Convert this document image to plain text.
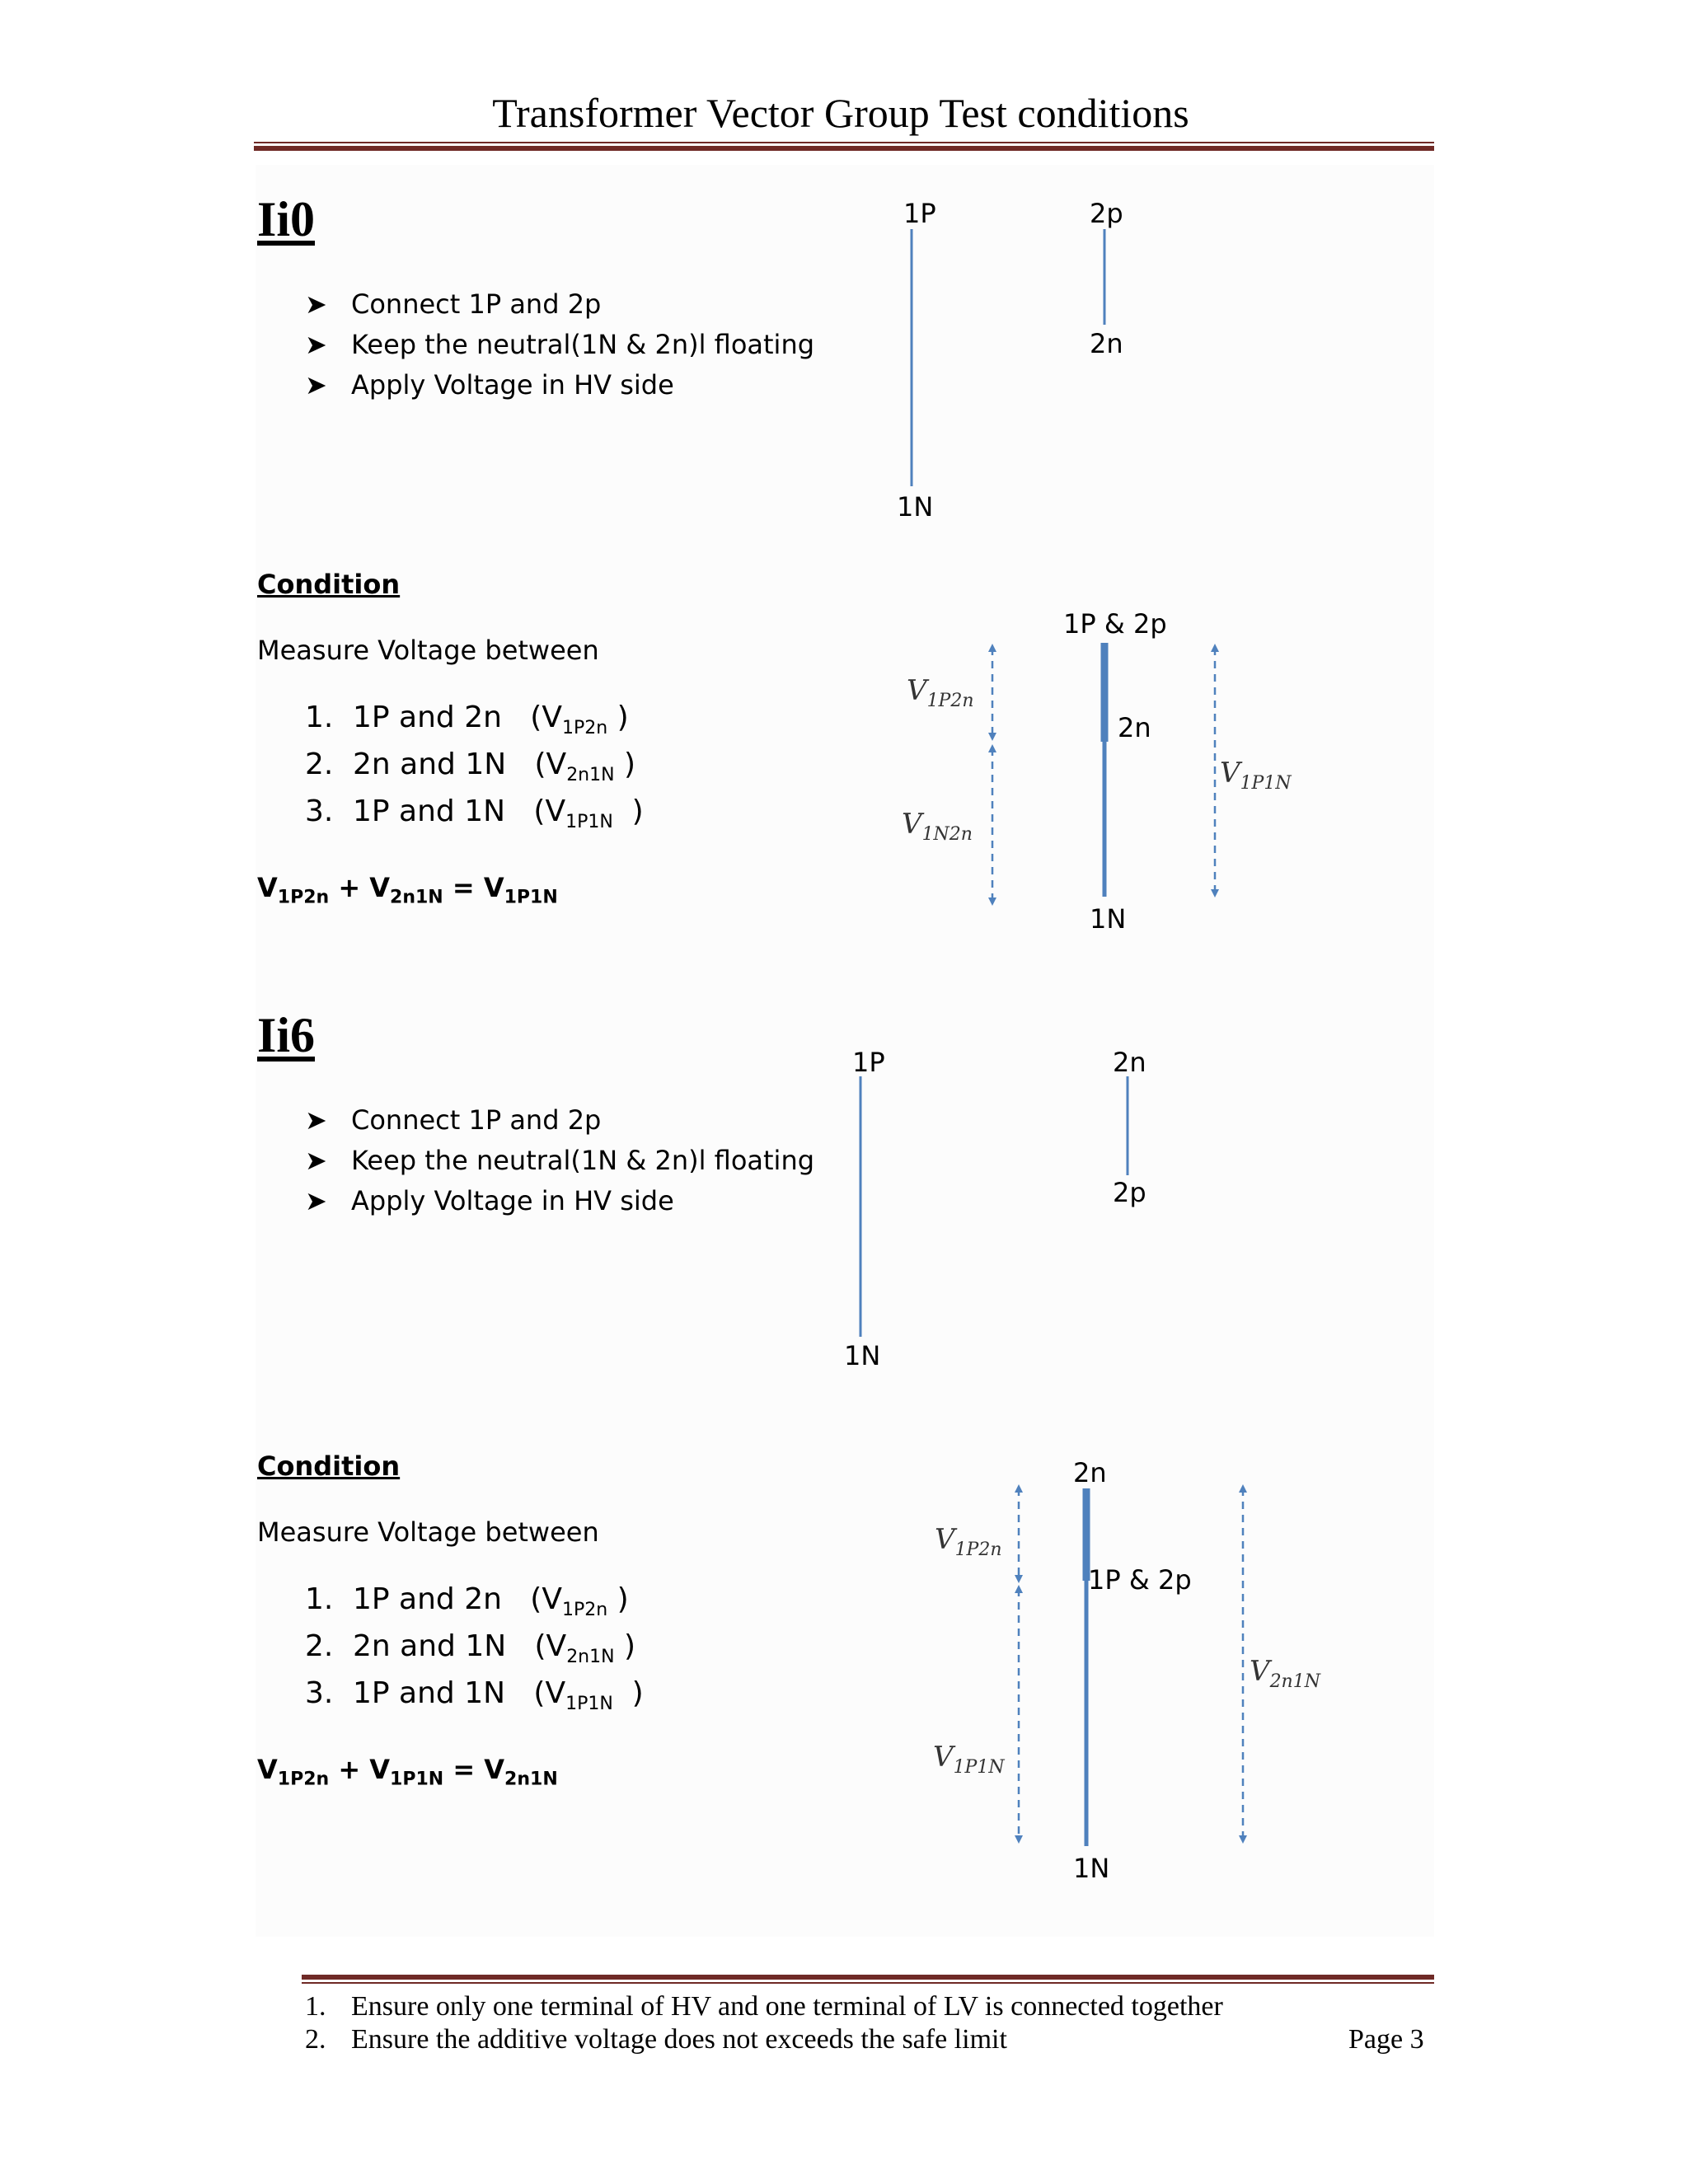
Transformer Vector Group Test conditions
Ii0
➤ Connect 1P and 2p
➤ Keep the neutral(1N & 2n)l floating
➤ Apply Voltage in HV side
Condition
Measure Voltage between
1. 1P and 2n   ($V_{1P2n}$ )
2. 2n and 1N   ($V_{2n1N}$ )
3. 1P and 1N   ($V_{1P1N}$  )
$V_{1P2n} + V_{2n1N} = V_{1P1N}$
1P
1N
2p
2n
1P & 2p
2n
1N
$V_{1P2n}$
$V_{1N2n}$
$V_{1P1N}$
Ii6
➤ Connect 1P and 2p
➤ Keep the neutral(1N & 2n)l floating
➤ Apply Voltage in HV side
Condition
Measure Voltage between
1. 1P and 2n   ($V_{1P2n}$ )
2. 2n and 1N   ($V_{2n1N}$ )
3. 1P and 1N   ($V_{1P1N}$  )
$V_{1P2n} + V_{1P1N} = V_{2n1N}$
1P
1N
2n
2p
2n
1P & 2p
1N
$V_{1P2n}$
$V_{1P1N}$
$V_{2n1N}$
1. Ensure only one terminal of HV and one terminal of LV is connected together
2. Ensure the additive voltage does not exceeds the safe limit	Page 3
